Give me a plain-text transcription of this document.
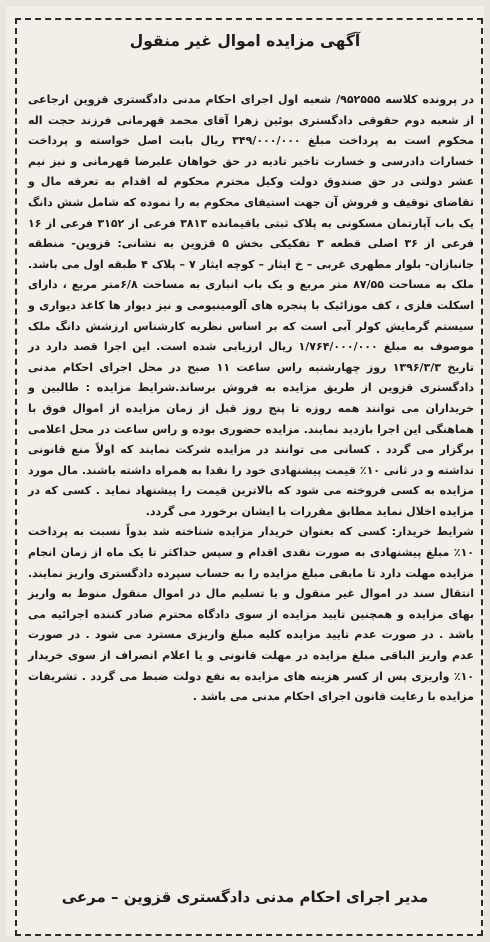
آگهی مزایده اموال غیر منقول

در پرونده کلاسه ۹۵۲۵۵۵/ شعبه اول اجرای احکام مدنی دادگستری قزوین ارجاعی از شعبه دوم حقوقی دادگستری بوئین زهرا آقای محمد قهرمانی فرزند حجت اله محکوم است به پرداخت مبلغ ۳۴۹/۰۰۰/۰۰۰ ریال بابت اصل خواسته و پرداخت خسارات دادرسی و خسارت تاخیر تادیه در حق خواهان علیرضا قهرمانی و نیز نیم عشر دولتی در حق صندوق دولت وکیل محترم محکوم له اقدام به تعرفه مال و تقاضای توقیف و فروش آن جهت استیفای محکوم به را نموده که شامل شش دانگ یک باب آپارتمان مسکونی به پلاک ثبتی باقیمانده ۳۸۱۳ فرعی از ۳۱۵۲ فرعی از ۱۶ فرعی از ۳۶ اصلی قطعه ۳ تفکیکی بخش ۵ قزوین به نشانی: قزوین- منطقه جانبازان- بلوار مطهری غربی – خ ایثار – کوچه ایثار ۷ – پلاک ۴ طبقه اول می باشد. ملک به مساحت ۸۷/۵۵ متر مربع و یک باب انباری به مساحت ۶/۸متر مربع ، دارای اسکلت فلزی ، کف موزائیک با پنجره های آلومینیومی و نیز دیوار ها کاغذ دیواری و سیستم گرمایش کولر آبی است که بر اساس نظریه کارشناس ارزشش دانگ ملک موصوف به مبلغ ۱/۷۶۴/۰۰۰/۰۰۰ ریال ارزیابی شده است. این اجرا قصد دارد در تاریخ ۱۳۹۶/۳/۳ روز چهارشنبه راس ساعت ۱۱ صبح در محل اجرای احکام مدنی دادگستری قزوین از طریق مزایده به فروش برساند.شرایط مزایده : طالبین و خریداران می توانند همه روزه تا پنج روز قبل از زمان مزایده از اموال فوق با هماهنگی این اجرا بازدید نمایند. مزایده حضوری بوده و راس ساعت در محل اعلامی برگزار می گردد . کسانی می توانند در مزایده شرکت نمایند که اولاً منع قانونی نداشته و در ثانی ۱۰٪ قیمت پیشنهادی خود را نقدا به همراه داشته باشند. مال مورد مزایده به کسی فروخته می شود که بالاترین قیمت را پیشنهاد نماید . کسی که در مزایده اخلال نماید مطابق مقررات با ایشان برخورد می گردد.

شرایط خریدار: کسی که بعنوان خریدار مزایده شناخته شد بدواً نسبت به پرداخت ۱۰٪ مبلغ پیشنهادی به صورت نقدی اقدام و سپس حداکثر تا یک ماه از زمان انجام مزایده مهلت دارد تا مابقی مبلغ مزایده را به حساب سپرده دادگستری واریز نمایند. انتقال سند در اموال غیر منقول و یا تسلیم مال در اموال منقول منوط به واریز بهای مزایده و همچنین تایید مزایده از سوی دادگاه محترم صادر کننده اجرائیه می باشد . در صورت عدم تایید مزایده کلیه مبلغ واریزی مسترد می شود . در صورت عدم واریز الباقی مبلغ مزایده در مهلت قانونی و یا اعلام انصراف از سوی خریدار ۱۰٪ واریزی پس از کسر هزینه های مزایده به نفع دولت ضبط می گردد . تشریفات مزایده با رعایت قانون اجرای احکام مدنی می باشد .

مدیر اجرای احکام مدنی دادگستری قزوین – مرعی
